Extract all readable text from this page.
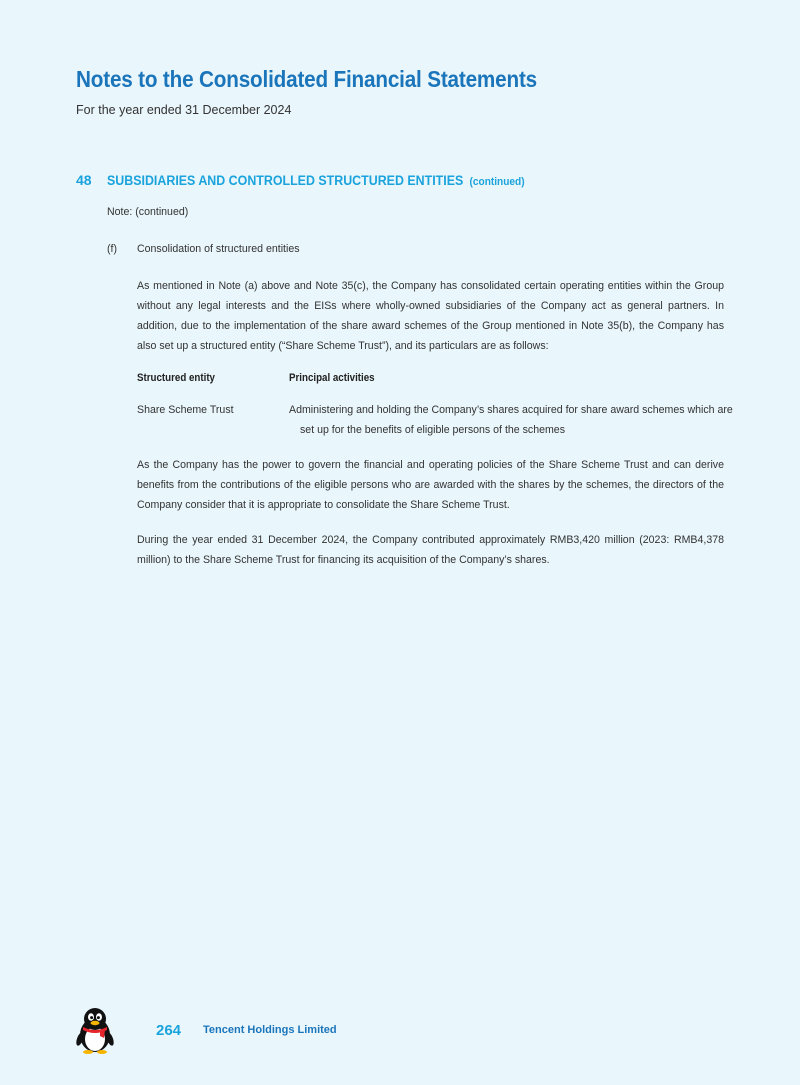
Notes to the Consolidated Financial Statements
For the year ended 31 December 2024
48 SUBSIDIARIES AND CONTROLLED STRUCTURED ENTITIES (continued)
Note: (continued)
(f) Consolidation of structured entities

As mentioned in Note (a) above and Note 35(c), the Company has consolidated certain operating entities within the Group without any legal interests and the EISs where wholly-owned subsidiaries of the Company act as general partners. In addition, due to the implementation of the share award schemes of the Group mentioned in Note 35(b), the Company has also set up a structured entity (“Share Scheme Trust”), and its particulars are as follows:

Structured entity	Principal activities
Share Scheme Trust	Administering and holding the Company’s shares acquired for share award schemes which are set up for the benefits of eligible persons of the schemes

As the Company has the power to govern the financial and operating policies of the Share Scheme Trust and can derive benefits from the contributions of the eligible persons who are awarded with the shares by the schemes, the directors of the Company consider that it is appropriate to consolidate the Share Scheme Trust.

During the year ended 31 December 2024, the Company contributed approximately RMB3,420 million (2023: RMB4,378 million) to the Share Scheme Trust for financing its acquisition of the Company’s shares.

264 Tencent Holdings Limited
